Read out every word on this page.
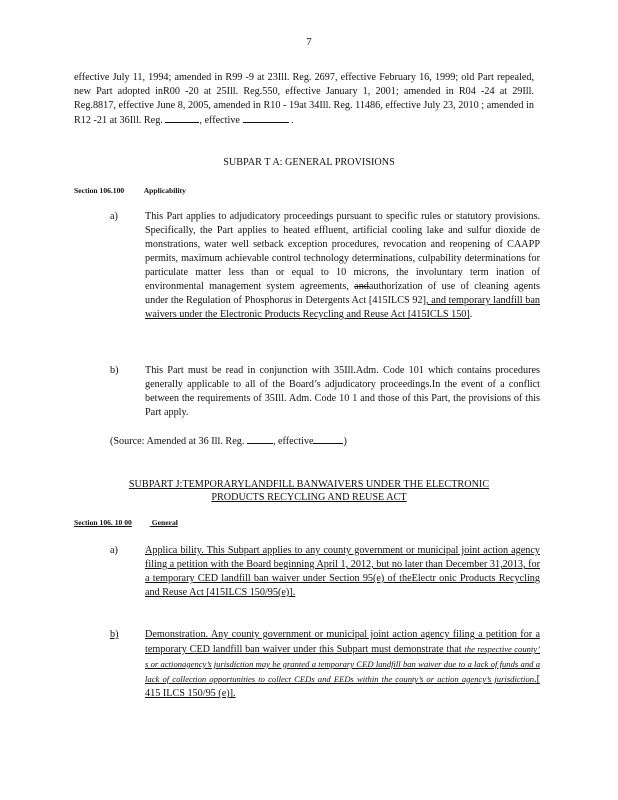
7
effective July 11, 1994; amended in R99 -9 at 23Ill. Reg. 2697, effective February 16, 1999; old Part repealed, new Part adopted inR00 -20 at 25Ill. Reg.550, effective January 1, 2001; amended in R04 -24 at 29Ill. Reg.8817, effective June 8, 2005, amended in R10 - 19at 34Ill. Reg. 11486, effective July 23, 2010 ; amended in R12 -21 at 36Ill. Reg.	, effective	.
SUBPAR T A: GENERAL PROVISIONS
Section 106.100	Applicability
a)	This Part applies to adjudicatory proceedings pursuant to specific rules or statutory provisions. Specifically, the Part applies to heated effluent, artificial cooling lake and sulfur dioxide de monstrations, water well setback exception procedures, revocation and reopening of CAAPP permits, maximum achievable control technology determinations, culpability determinations for particulate matter less than or equal to 10 microns, the involuntary term ination of environmental management system agreements, andauthorization of use of cleaning agents under the Regulation of Phosphorus in Detergents Act [415ILCS 92], and temporary landfill ban waivers under the Electronic Products Recycling and Reuse Act [415ICLS 150].
b)	This Part must be read in conjunction with 35Ill.Adm. Code 101 which contains procedures generally applicable to all of the Board’s adjudicatory proceedings.In the event of a conflict between the requirements of 35Ill. Adm. Code 10 1 and those of this Part, the provisions of this Part apply.
(Source: Amended at 36 Ill. Reg.	, effective	)
SUBPART J:TEMPORARYLANDFILL BANWAIVERS UNDER THE ELECTRONIC
PRODUCTS RECYCLING AND REUSE ACT
Section 106. 10 00	General
a)	Applica bility. This Subpart applies to any county government or municipal joint action agency filing a petition with the Board beginning April 1, 2012, but no later than December 31,2013, for a temporary CED landfill ban waiver under Section 95(e) of theElectr onic Products Recycling and Reuse Act [415ILCS 150/95(e)].
b)	Demonstration. Any county government or municipal joint action agency filing a petition for a temporary CED landfill ban waiver under this Subpart must demonstrate that the respective county’ s or actionagency’s jurisdiction may be granted a temporary CED landfill ban waiver due to a lack of funds and a lack of collection opportunities to collect CEDs and EEDs within the county’s or action agency’s jurisdiction.[ 415 ILCS 150/95 (e)].
